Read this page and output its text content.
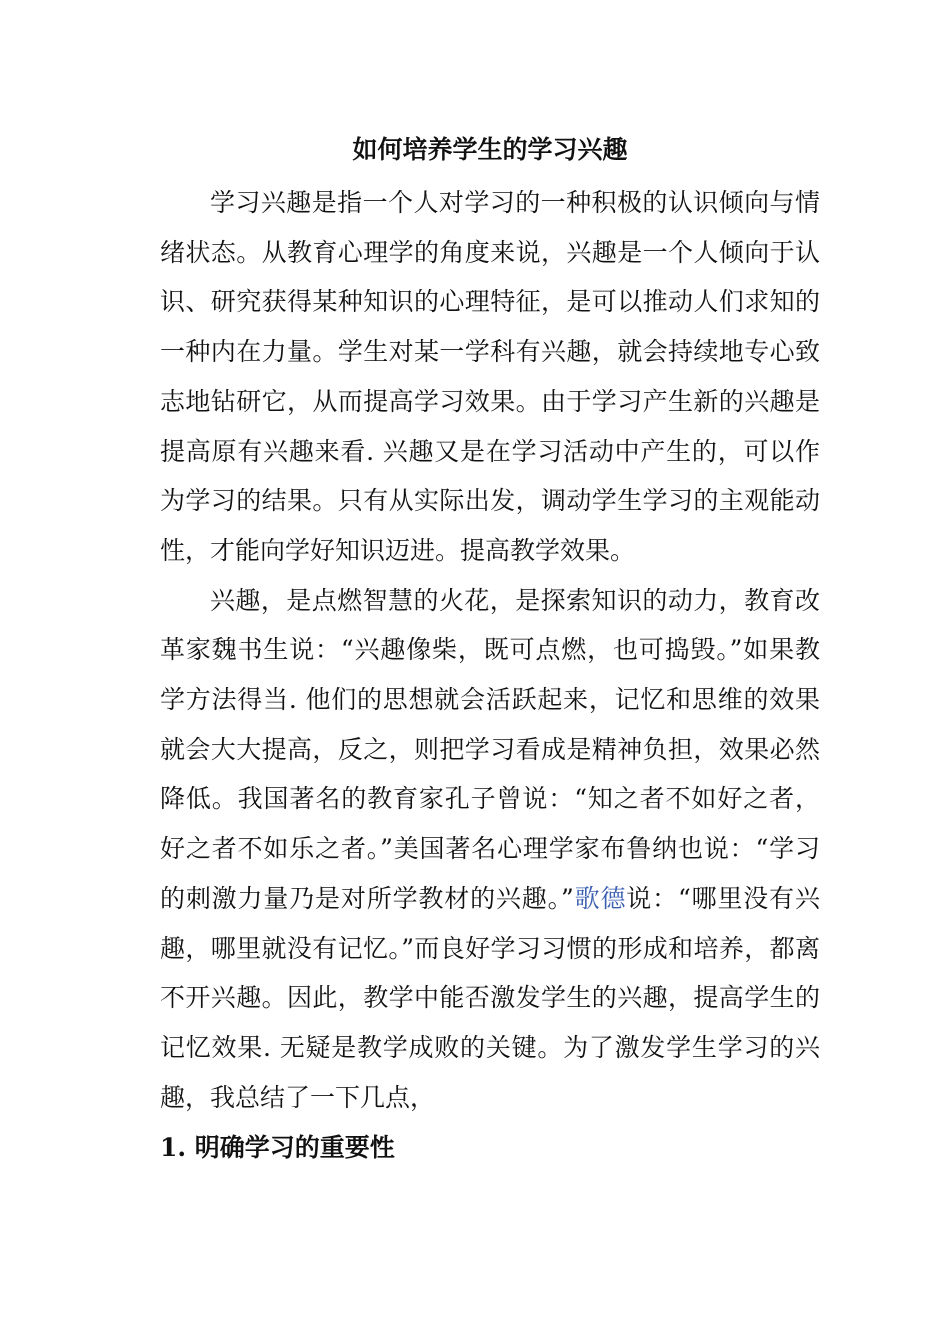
如何培养学生的学习兴趣

学习兴趣是指一个人对学习的一种积极的认识倾向与情绪状态。从教育心理学的角度来说，兴趣是一个人倾向于认识、研究获得某种知识的心理特征，是可以推动人们求知的一种内在力量。学生对某一学科有兴趣，就会持续地专心致志地钻研它，从而提高学习效果。由于学习产生新的兴趣是提高原有兴趣来看. 兴趣又是在学习活动中产生的，可以作为学习的结果。只有从实际出发，调动学生学习的主观能动性，才能向学好知识迈进。提高教学效果。

兴趣，是点燃智慧的火花，是探索知识的动力，教育改革家魏书生说：“兴趣像柴，既可点燃，也可捣毁。”如果教学方法得当. 他们的思想就会活跃起来，记忆和思维的效果就会大大提高，反之，则把学习看成是精神负担，效果必然降低。我国著名的教育家孔子曾说：“知之者不如好之者，好之者不如乐之者。”美国著名心理学家布鲁纳也说：“学习的刺激力量乃是对所学教材的兴趣。”歌德说：“哪里没有兴趣，哪里就没有记忆。”而良好学习习惯的形成和培养，都离不开兴趣。因此，教学中能否激发学生的兴趣，提高学生的记忆效果. 无疑是教学成败的关键。为了激发学生学习的兴趣，我总结了一下几点，

1. 明确学习的重要性
